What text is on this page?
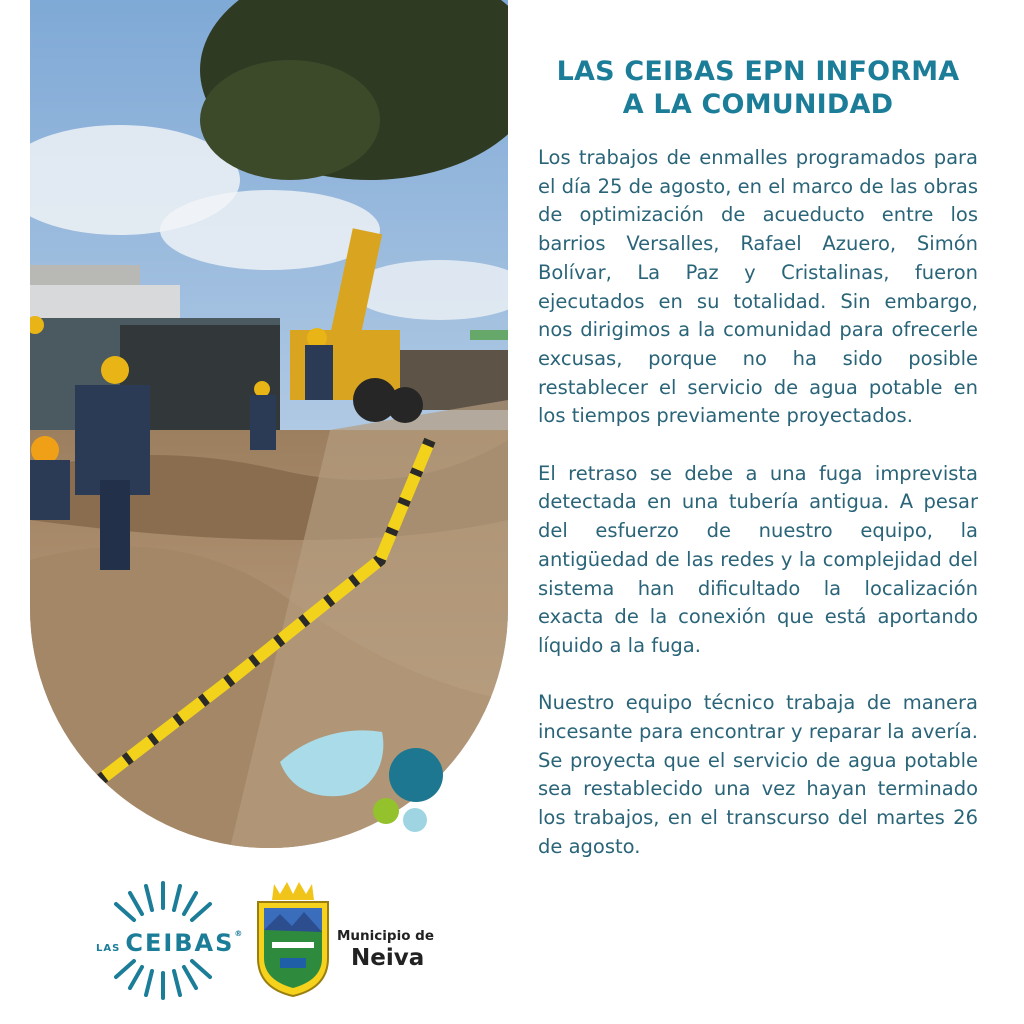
LAS CEIBAS EPN INFORMA
A LA COMUNIDAD

Los trabajos de enmalles programados para el día 25 de agosto, en el marco de las obras de optimización de acueducto entre los barrios Versalles, Rafael Azuero, Simón Bolívar, La Paz y Cristalinas, fueron ejecutados en su totalidad. Sin embargo, nos dirigimos a la comunidad para ofrecerle excusas, porque no ha sido posible restablecer el servicio de agua potable en los tiempos previamente proyectados.

El retraso se debe a una fuga imprevista detectada en una tubería antigua. A pesar del esfuerzo de nuestro equipo, la antigüedad de las redes y la complejidad del sistema han dificultado la localización exacta de la conexión que está aportando líquido a la fuga.

Nuestro equipo técnico trabaja de manera incesante para encontrar y reparar la avería. Se proyecta que el servicio de agua potable sea restablecido una vez hayan terminado los trabajos, en el transcurso del martes 26 de agosto.

LAS CEIBAS®	Municipio de
Neiva
